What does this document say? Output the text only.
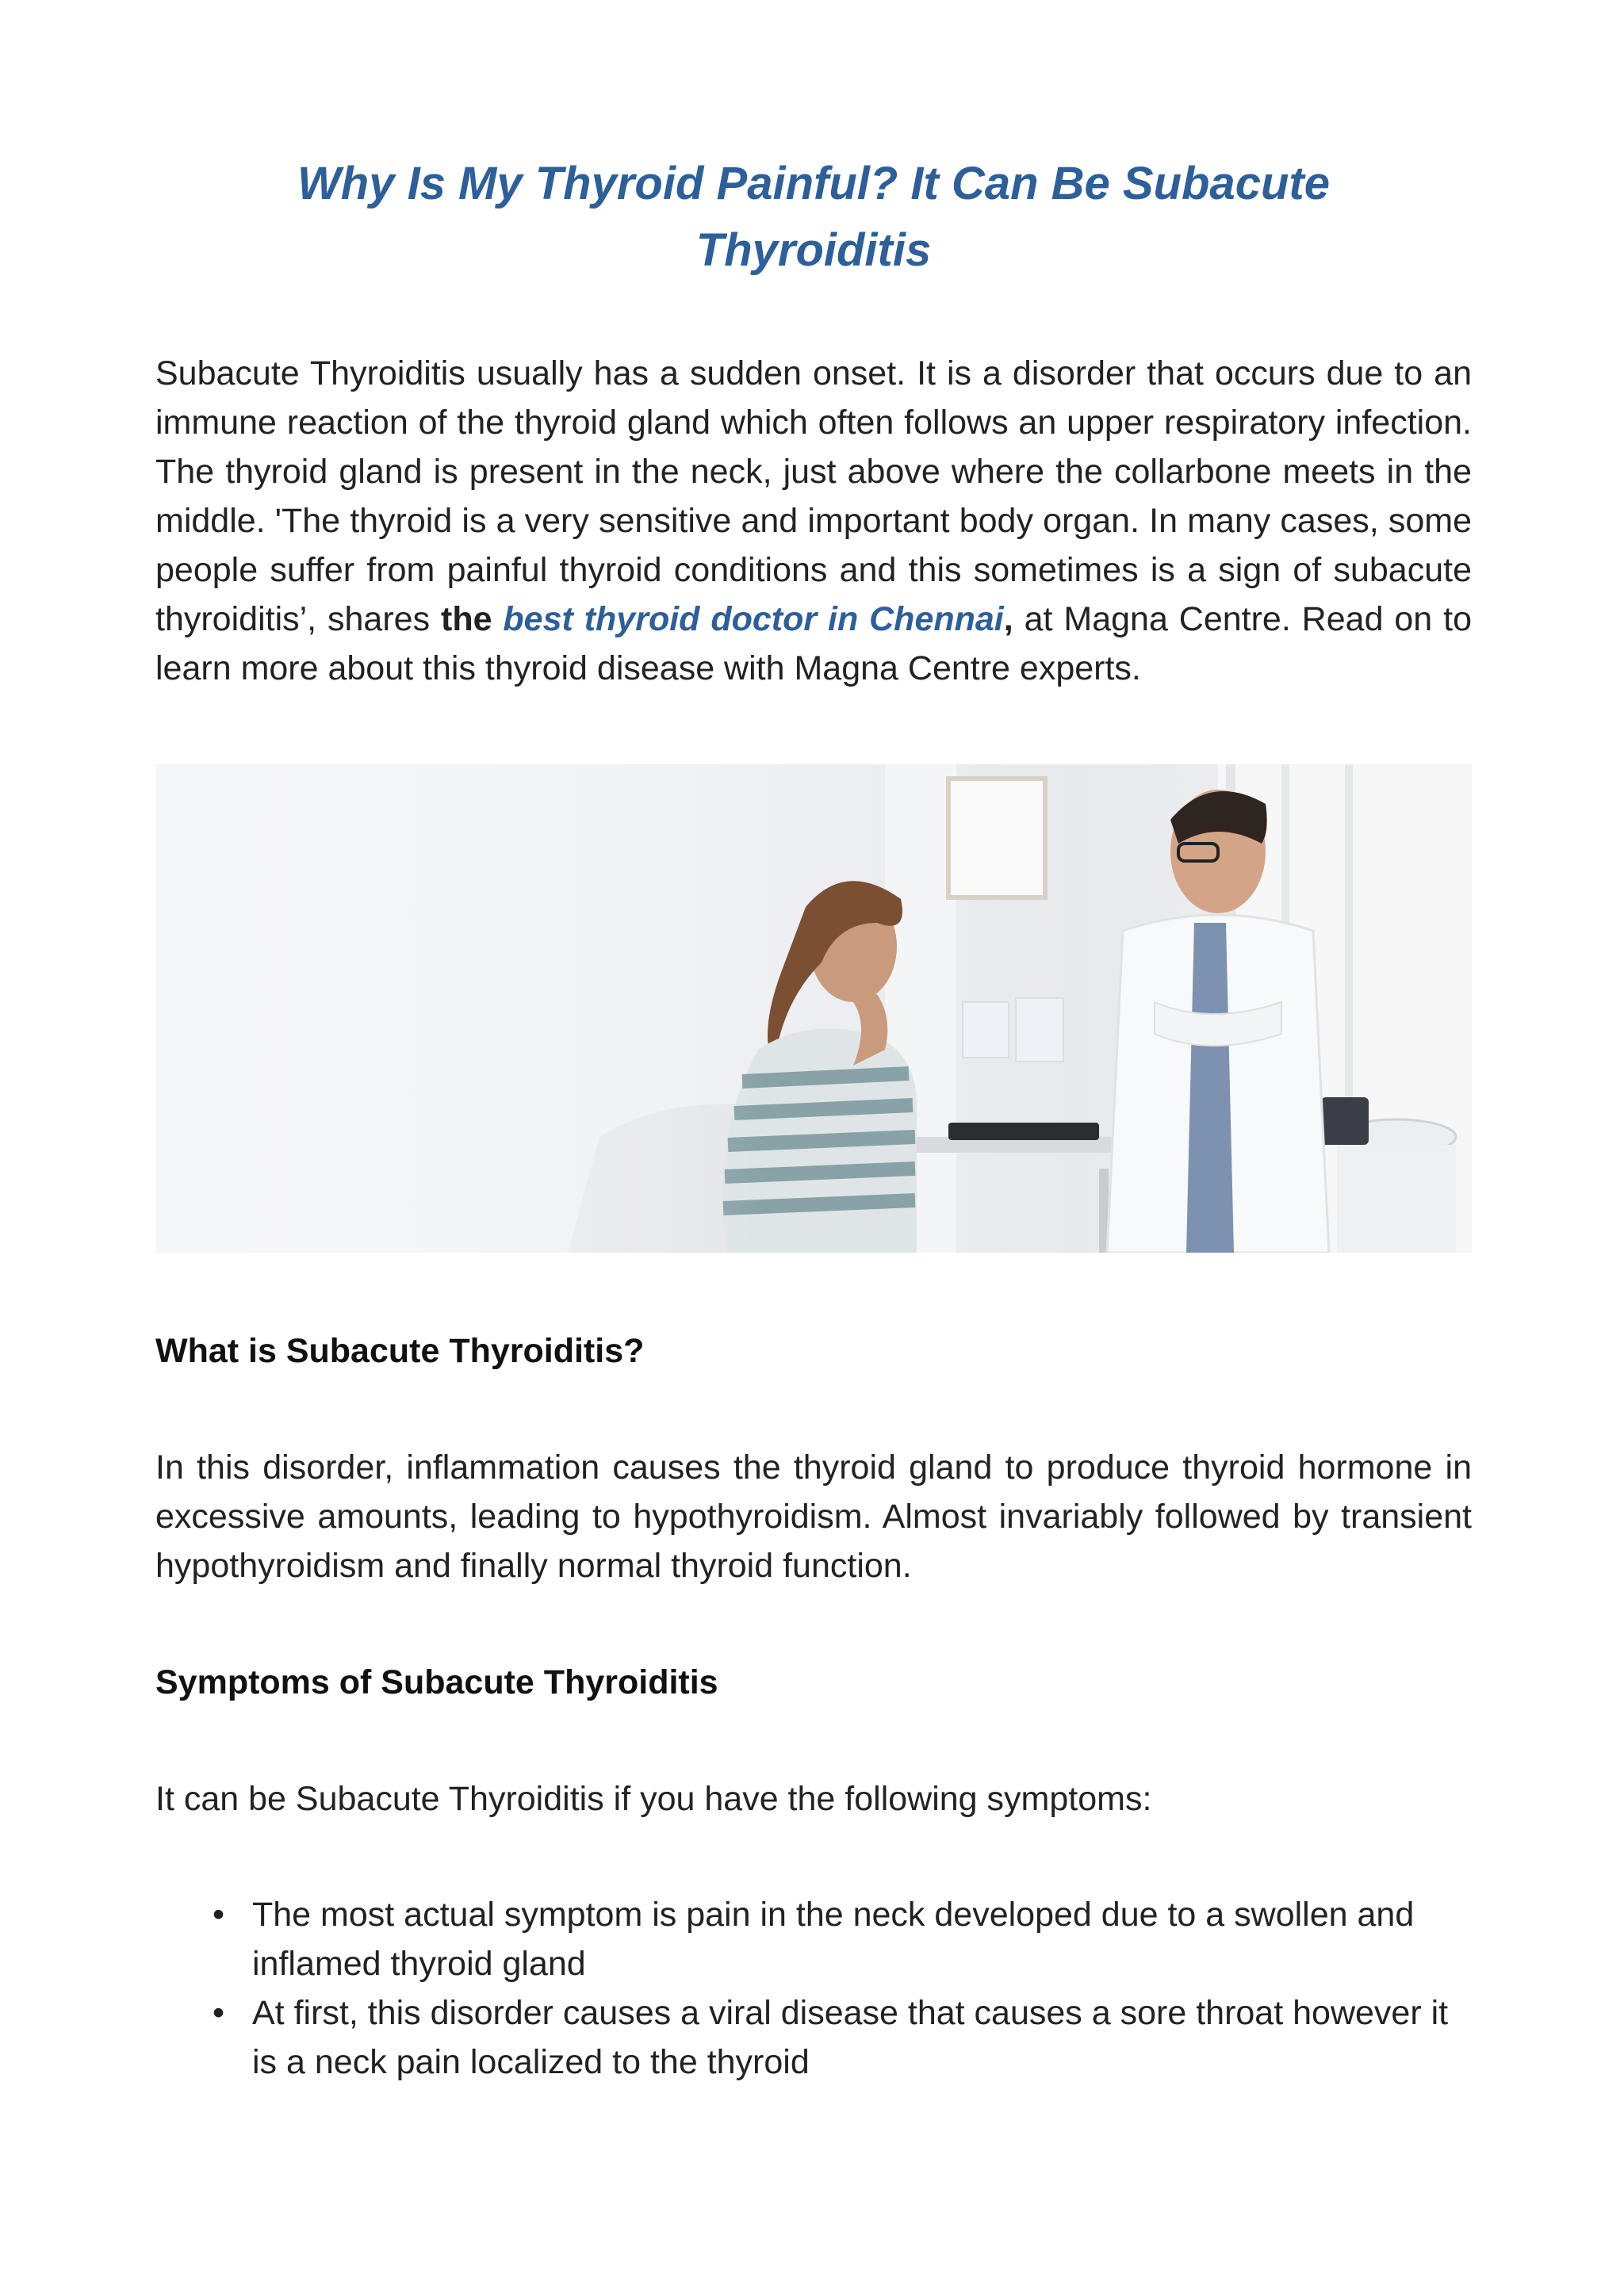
Why Is My Thyroid Painful? It Can Be Subacute Thyroiditis

Subacute Thyroiditis usually has a sudden onset. It is a disorder that occurs due to an immune reaction of the thyroid gland which often follows an upper respiratory infection. The thyroid gland is present in the neck, just above where the collarbone meets in the middle. 'The thyroid is a very sensitive and important body organ. In many cases, some people suffer from painful thyroid conditions and this sometimes is a sign of subacute thyroiditis’, shares the best thyroid doctor in Chennai, at Magna Centre. Read on to learn more about this thyroid disease with Magna Centre experts.

What is Subacute Thyroiditis?

In this disorder, inflammation causes the thyroid gland to produce thyroid hormone in excessive amounts, leading to hypothyroidism. Almost invariably followed by transient hypothyroidism and finally normal thyroid function.

Symptoms of Subacute Thyroiditis

It can be Subacute Thyroiditis if you have the following symptoms:

• The most actual symptom is pain in the neck developed due to a swollen and inflamed thyroid gland
• At first, this disorder causes a viral disease that causes a sore throat however it is a neck pain localized to the thyroid
